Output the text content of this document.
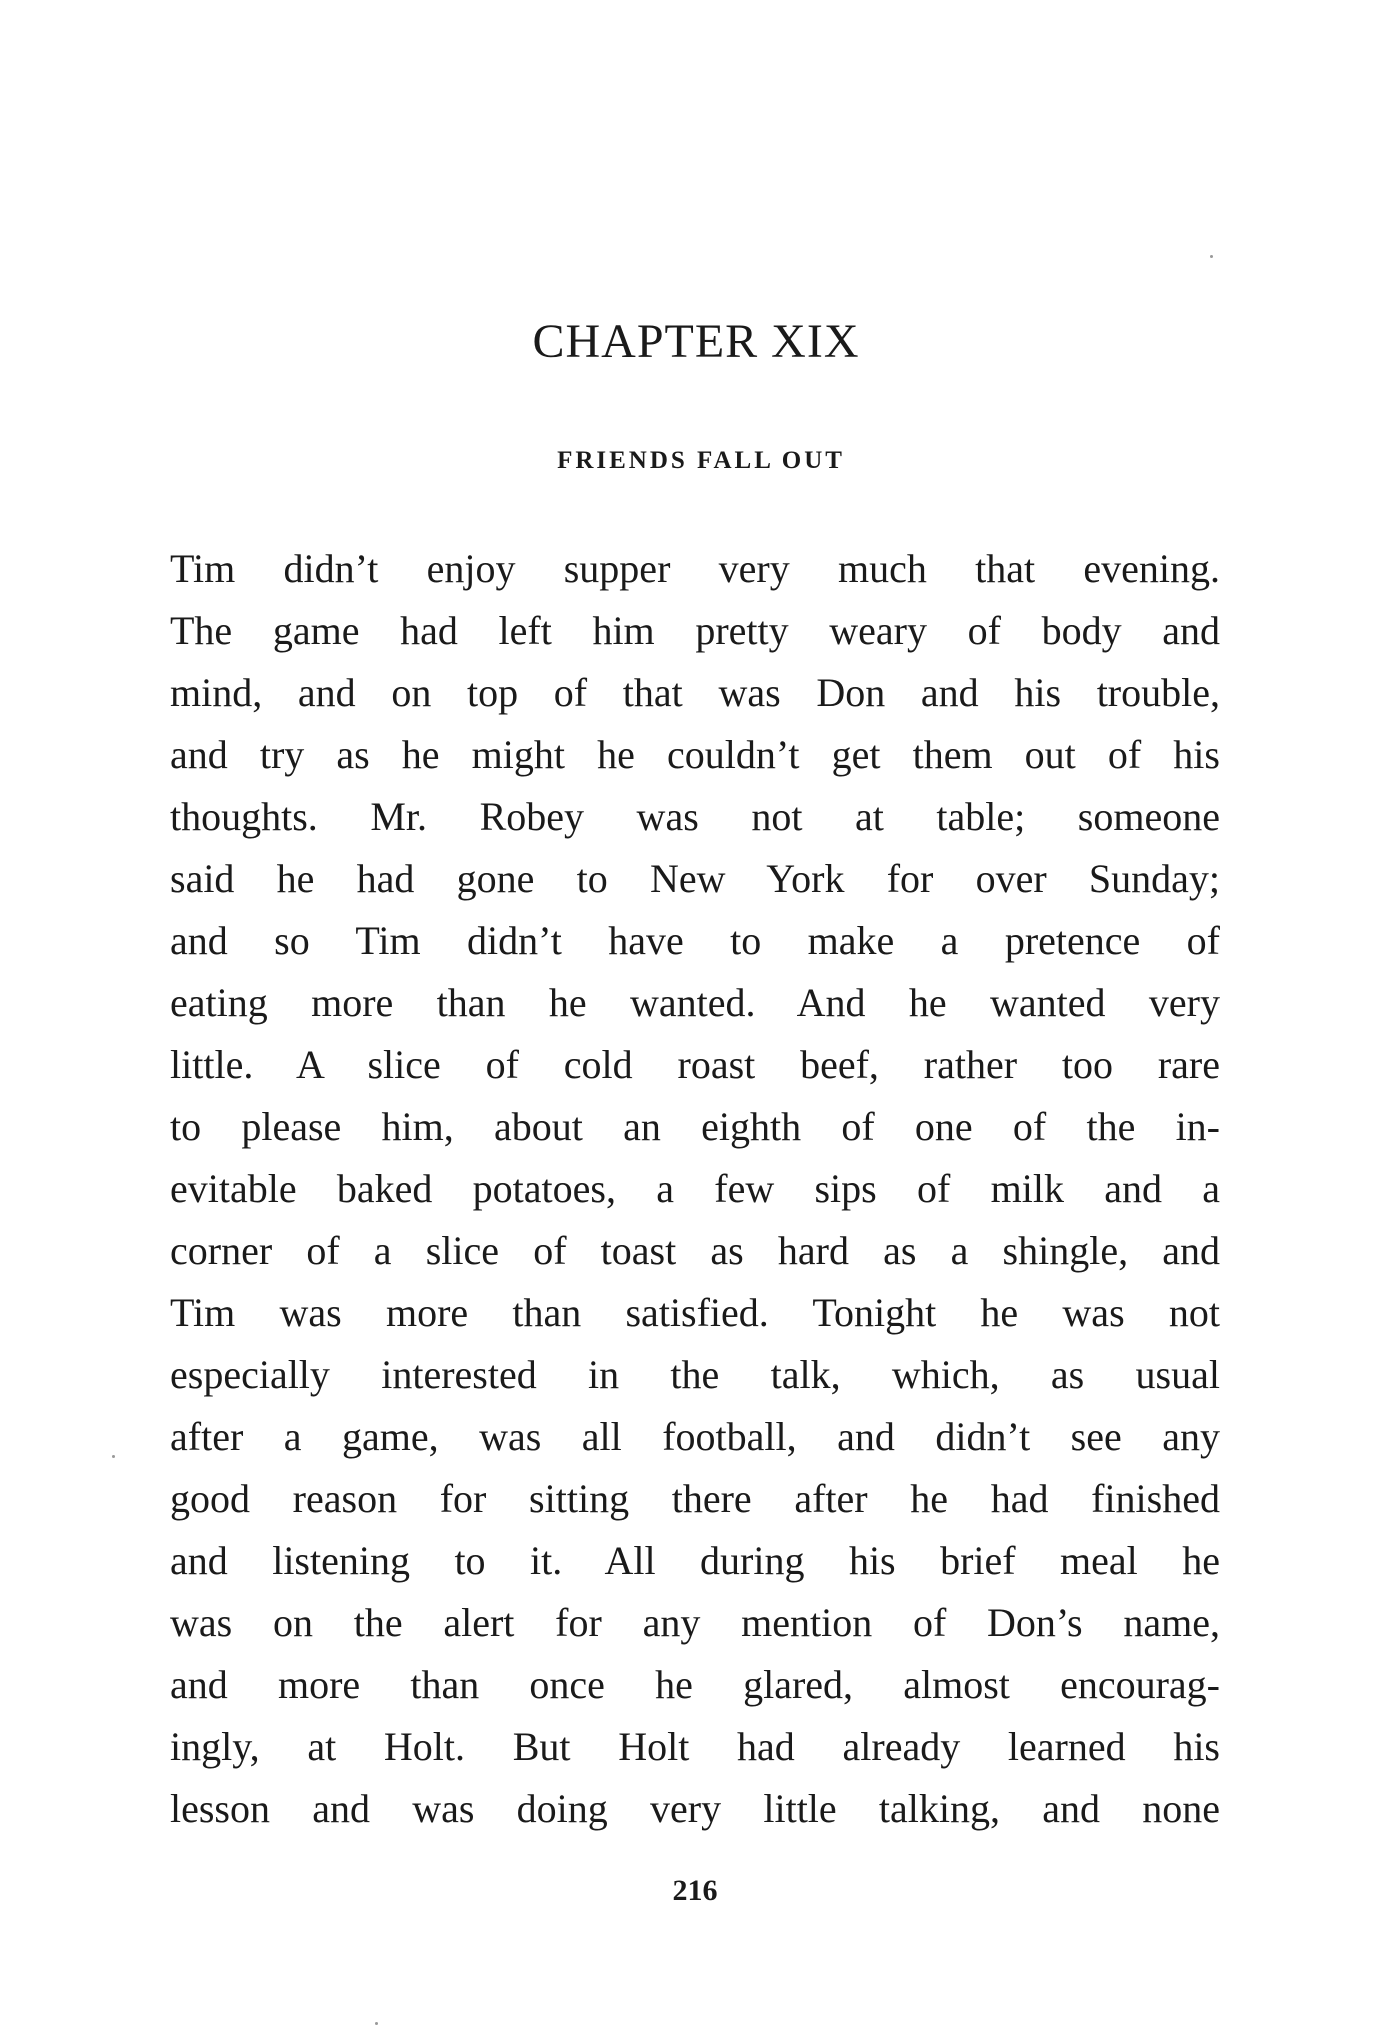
CHAPTER XIX
FRIENDS FALL OUT
Tim didn’t enjoy supper very much that evening.
The game had left him pretty weary of body and
mind, and on top of that was Don and his trouble,
and try as he might he couldn’t get them out of his
thoughts. Mr. Robey was not at table; someone
said he had gone to New York for over Sunday;
and so Tim didn’t have to make a pretence of
eating more than he wanted. And he wanted very
little. A slice of cold roast beef, rather too rare
to please him, about an eighth of one of the in-
evitable baked potatoes, a few sips of milk and a
corner of a slice of toast as hard as a shingle, and
Tim was more than satisfied. Tonight he was not
especially interested in the talk, which, as usual
after a game, was all football, and didn’t see any
good reason for sitting there after he had finished
and listening to it. All during his brief meal he
was on the alert for any mention of Don’s name,
and more than once he glared, almost encourag-
ingly, at Holt. But Holt had already learned his
lesson and was doing very little talking, and none
216
